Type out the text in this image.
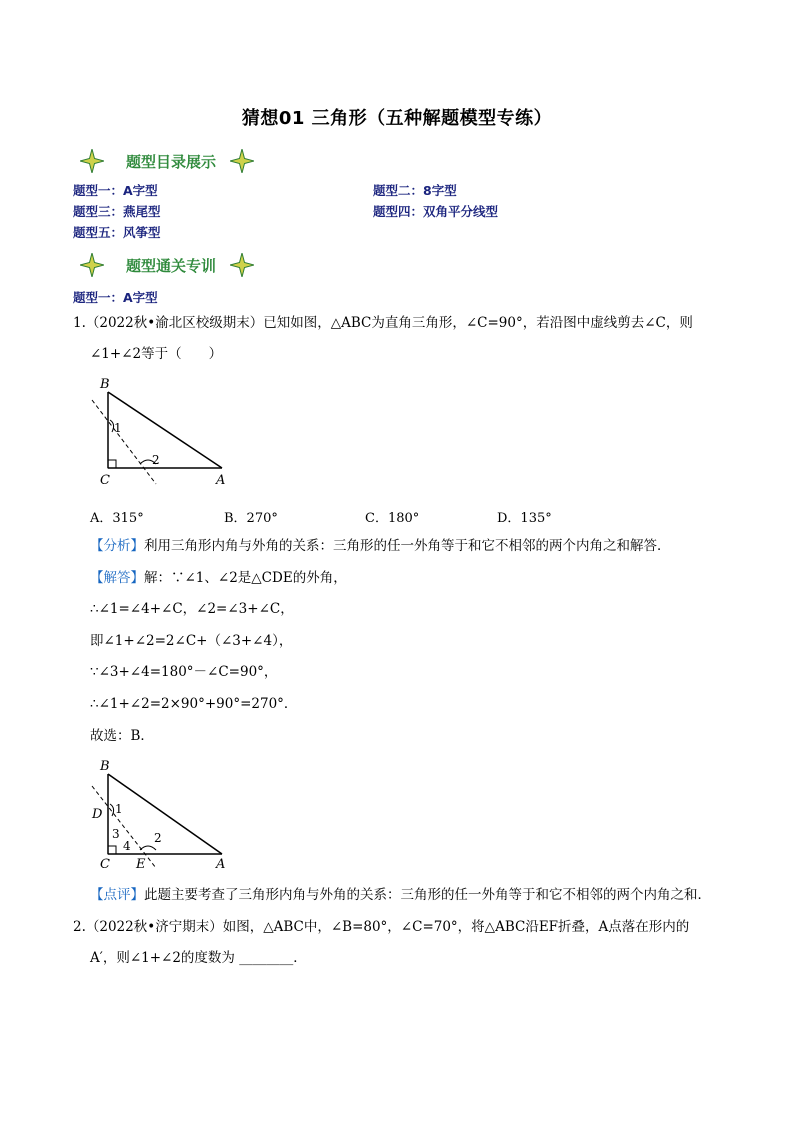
猜想01 三角形（五种解题模型专练）
题型目录展示
题型一：A字型	题型二：8字型
题型三：燕尾型	题型四：双角平分线型
题型五：风筝型
题型通关专训
题型一：A字型
1.（2022秋•渝北区校级期末）已知如图，△ABC为直角三角形，∠C=90°，若沿图中虚线剪去∠C，则
∠1+∠2等于（　　）
B
C	A
1
2
A．315°	B．270°	C．180°	D．135°
【分析】利用三角形内角与外角的关系：三角形的任一外角等于和它不相邻的两个内角之和解答．
【解答】解：∵∠1、∠2是△CDE的外角，
∴∠1=∠4+∠C，∠2=∠3+∠C，
即∠1+∠2=2∠C+（∠3+∠4），
∵∠3+∠4=180°－∠C=90°，
∴∠1+∠2=2×90°+90°=270°．
故选：B．
B
C	A
D
E
1
2
3
4
【点评】此题主要考查了三角形内角与外角的关系：三角形的任一外角等于和它不相邻的两个内角之和．
2.（2022秋•济宁期末）如图，△ABC中，∠B=80°，∠C=70°，将△ABC沿EF折叠，A点落在形内的
A′，则∠1+∠2的度数为 ________．
